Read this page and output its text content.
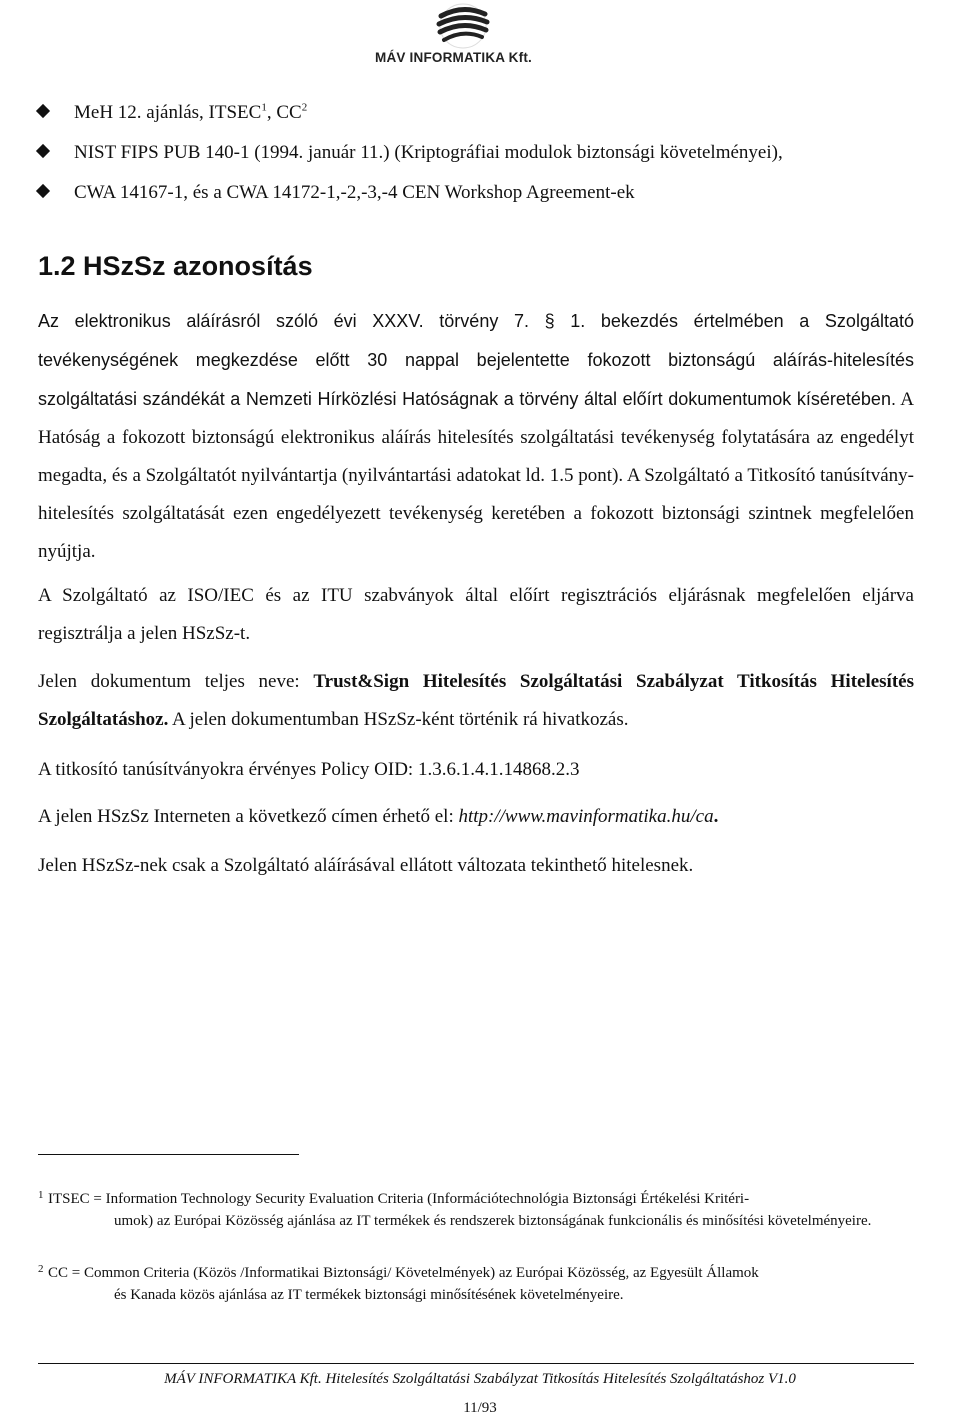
MÁV INFORMATIKA Kft.
MeH 12. ajánlás, ITSEC$^1$, $CC^2$
NIST FIPS PUB 140-1 (1994. január 11.) (Kriptográfiai modulok biztonsági követelményei),
CWA 14167-1, és a CWA 14172-1,-2,-3,-4 CEN Workshop Agreement-ek
1.2 HSzSz azonosítás

Az elektronikus aláírásról szóló évi XXXV. törvény 7. § 1. bekezdés értelmében a Szolgáltató tevékenységének megkezdése előtt 30 nappal bejelentette fokozott biztonságú aláírás-hitelesítés szolgáltatási szándékát a Nemzeti Hírközlési Hatóságnak a törvény által előírt dokumentumok kíséretében. A Hatóság a fokozott biztonságú elektronikus aláírás hitelesítés szolgáltatási tevékenység folytatására az engedélyt megadta, és a Szolgáltatót nyilvántartja (nyilvántartási adatokat ld. 1.5 pont). A Szolgáltató a Titkosító tanúsítvány-hitelesítés szolgáltatását ezen engedélyezett tevékenység keretében a fokozott biztonsági szintnek megfelelően nyújtja.

A Szolgáltató az ISO/IEC és az ITU szabványok által előírt regisztrációs eljárásnak megfelelően eljárva regisztrálja a jelen HSzSz-t.

Jelen dokumentum teljes neve: Trust&Sign Hitelesítés Szolgáltatási Szabályzat Titkosítás Hitelesítés Szolgáltatáshoz. A jelen dokumentumban HSzSz-ként történik rá hivatkozás.

A titkosító tanúsítványokra érvényes Policy OID: 1.3.6.1.4.1.14868.2.3
A jelen HSzSz Interneten a következő címen érhető el: http://www.mavinformatika.hu/ca.
Jelen HSzSz-nek csak a Szolgáltató aláírásával ellátott változata tekinthető hitelesnek.
1 ITSEC = Information Technology Security Evaluation Criteria (Információtechnológia Biztonsági Értékelési Kritéri-
umok) az Európai Közösség ajánlása az IT termékek és rendszerek biztonságának funkcionális és minősítési követelményeire.
2 CC = Common Criteria (Közös /Informatikai Biztonsági/ Követelmények) az Európai Közösség, az Egyesült Államok
és Kanada közös ajánlása az IT termékek biztonsági minősítésének követelményeire.
MÁV INFORMATIKA Kft. Hitelesítés Szolgáltatási Szabályzat Titkosítás Hitelesítés Szolgáltatáshoz V1.0
11/93
